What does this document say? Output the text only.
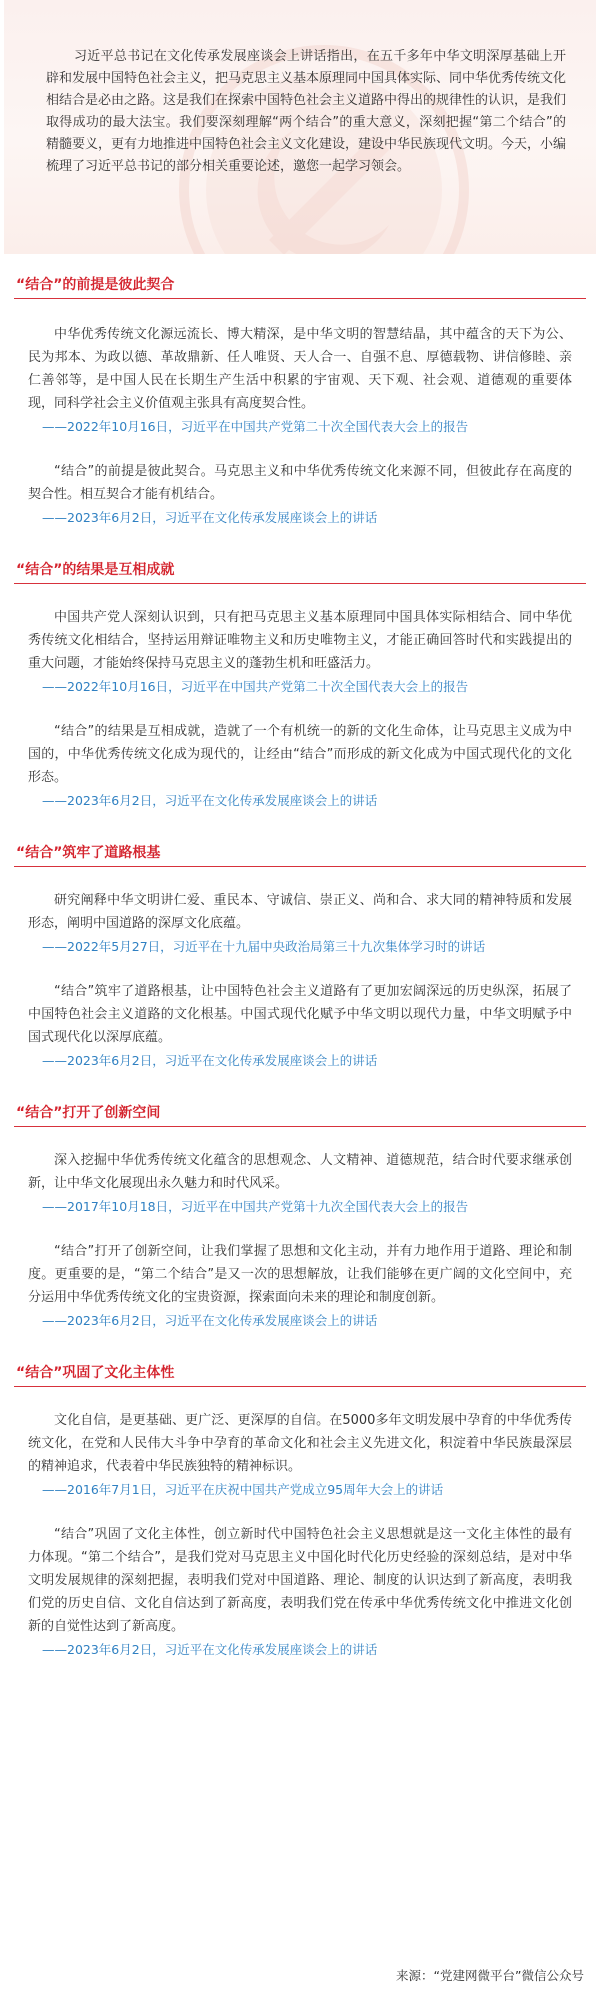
习近平总书记在文化传承发展座谈会上讲话指出，在五千多年中华文明深厚基础上开辟和发展中国特色社会主义，把马克思主义基本原理同中国具体实际、同中华优秀传统文化相结合是必由之路。这是我们在探索中国特色社会主义道路中得出的规律性的认识，是我们取得成功的最大法宝。我们要深刻理解“两个结合”的重大意义，深刻把握“第二个结合”的精髓要义，更有力地推进中国特色社会主义文化建设，建设中华民族现代文明。今天，小编梳理了习近平总书记的部分相关重要论述，邀您一起学习领会。
“结合”的前提是彼此契合

中华优秀传统文化源远流长、博大精深，是中华文明的智慧结晶，其中蕴含的天下为公、民为邦本、为政以德、革故鼎新、任人唯贤、天人合一、自强不息、厚德载物、讲信修睦、亲仁善邻等，是中国人民在长期生产生活中积累的宇宙观、天下观、社会观、道德观的重要体现，同科学社会主义价值观主张具有高度契合性。

——2022年10月16日，习近平在中国共产党第二十次全国代表大会上的报告

“结合”的前提是彼此契合。马克思主义和中华优秀传统文化来源不同，但彼此存在高度的契合性。相互契合才能有机结合。

——2023年6月2日，习近平在文化传承发展座谈会上的讲话
“结合”的结果是互相成就

中国共产党人深刻认识到，只有把马克思主义基本原理同中国具体实际相结合、同中华优秀传统文化相结合，坚持运用辩证唯物主义和历史唯物主义，才能正确回答时代和实践提出的重大问题，才能始终保持马克思主义的蓬勃生机和旺盛活力。

——2022年10月16日，习近平在中国共产党第二十次全国代表大会上的报告

“结合”的结果是互相成就，造就了一个有机统一的新的文化生命体，让马克思主义成为中国的，中华优秀传统文化成为现代的，让经由“结合”而形成的新文化成为中国式现代化的文化形态。

——2023年6月2日，习近平在文化传承发展座谈会上的讲话
“结合”筑牢了道路根基

研究阐释中华文明讲仁爱、重民本、守诚信、崇正义、尚和合、求大同的精神特质和发展形态，阐明中国道路的深厚文化底蕴。

——2022年5月27日，习近平在十九届中央政治局第三十九次集体学习时的讲话

“结合”筑牢了道路根基，让中国特色社会主义道路有了更加宏阔深远的历史纵深，拓展了中国特色社会主义道路的文化根基。中国式现代化赋予中华文明以现代力量，中华文明赋予中国式现代化以深厚底蕴。

——2023年6月2日，习近平在文化传承发展座谈会上的讲话
“结合”打开了创新空间

深入挖掘中华优秀传统文化蕴含的思想观念、人文精神、道德规范，结合时代要求继承创新，让中华文化展现出永久魅力和时代风采。

——2017年10月18日，习近平在中国共产党第十九次全国代表大会上的报告

“结合”打开了创新空间，让我们掌握了思想和文化主动，并有力地作用于道路、理论和制度。更重要的是，“第二个结合”是又一次的思想解放，让我们能够在更广阔的文化空间中，充分运用中华优秀传统文化的宝贵资源，探索面向未来的理论和制度创新。

——2023年6月2日，习近平在文化传承发展座谈会上的讲话
“结合”巩固了文化主体性

文化自信，是更基础、更广泛、更深厚的自信。在5000多年文明发展中孕育的中华优秀传统文化，在党和人民伟大斗争中孕育的革命文化和社会主义先进文化，积淀着中华民族最深层的精神追求，代表着中华民族独特的精神标识。

——2016年7月1日，习近平在庆祝中国共产党成立95周年大会上的讲话

“结合”巩固了文化主体性，创立新时代中国特色社会主义思想就是这一文化主体性的最有力体现。“第二个结合”，是我们党对马克思主义中国化时代化历史经验的深刻总结，是对中华文明发展规律的深刻把握，表明我们党对中国道路、理论、制度的认识达到了新高度，表明我们党的历史自信、文化自信达到了新高度，表明我们党在传承中华优秀传统文化中推进文化创新的自觉性达到了新高度。

——2023年6月2日，习近平在文化传承发展座谈会上的讲话
来源：“党建网微平台”微信公众号
